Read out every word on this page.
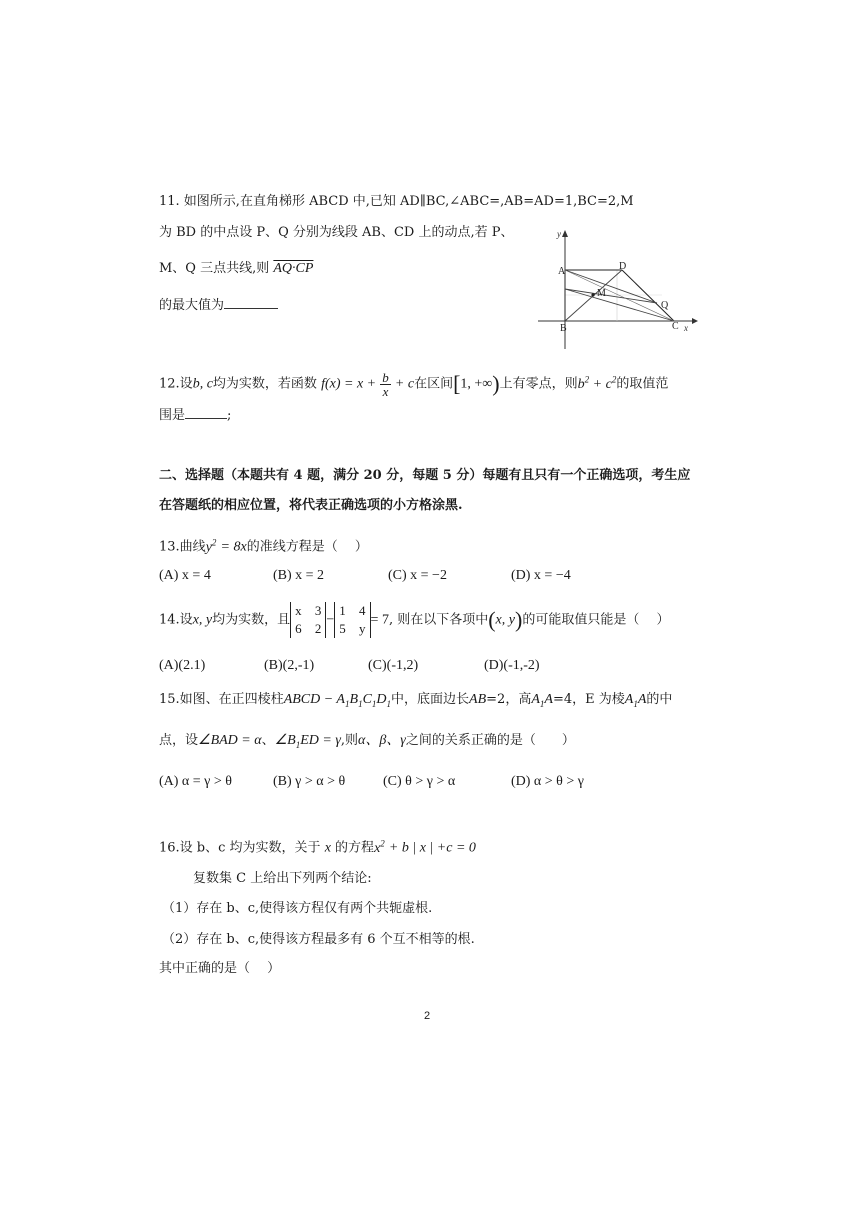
11. 如图所示,在直角梯形 ABCD 中,已知 AD∥BC,∠ABC=,AB=AD=1,BC=2,M
为 BD 的中点设 P、Q 分别为线段 AB、CD 上的动点,若 P、
M、Q 三点共线,则 AQ·CP
的最大值为
y
A	D
M
Q
B	C x
12.设b, c均为实数，若函数 $f(x) = x + \frac{b}{x} + c$在区间[1, +∞)上有零点，则$b^2 + c^2$的取值范
围是	;
二、选择题（本题共有 4 题，满分 20 分，每题 5 分）每题有且只有一个正确选项，考生应
在答题纸的相应位置，将代表正确选项的小方格涂黑.
13.曲线$y^2 = 8x$的准线方程是（　 ）
(A) x = 4	(B) x = 2	(C) x = −2	(D) x = −4
14.设x, y均为实数，且
x 3
6 2
−
1 4
5 y
= 7, 则在以下各项中(x, y)的可能取值只能是（　 ）
(A)(2.1)	(B)(2,-1)	(C)(-1,2)	(D)(-1,-2)
15.如图、在正四棱柱ABCD − $A_1B_1C_1D_1$中，底面边长AB=2，高$A_1A=4$，E 为棱$A_1A$的中
点，设∠BAD = α、$\angle B_1ED = \gamma$,则α、β、γ之间的关系正确的是（　　）
(A) α = γ > θ	(B) γ > α > θ	(C) θ > γ > α	(D) α > θ > γ
16.设 b、c 均为实数，关于 x 的方程$x^2 + b$ | x | +c = 0
复数集 C 上给出下列两个结论:
（1）存在 b、c,使得该方程仅有两个共轭虚根.
（2）存在 b、c,使得该方程最多有 6 个互不相等的根.
其中正确的是（　 ）
2
